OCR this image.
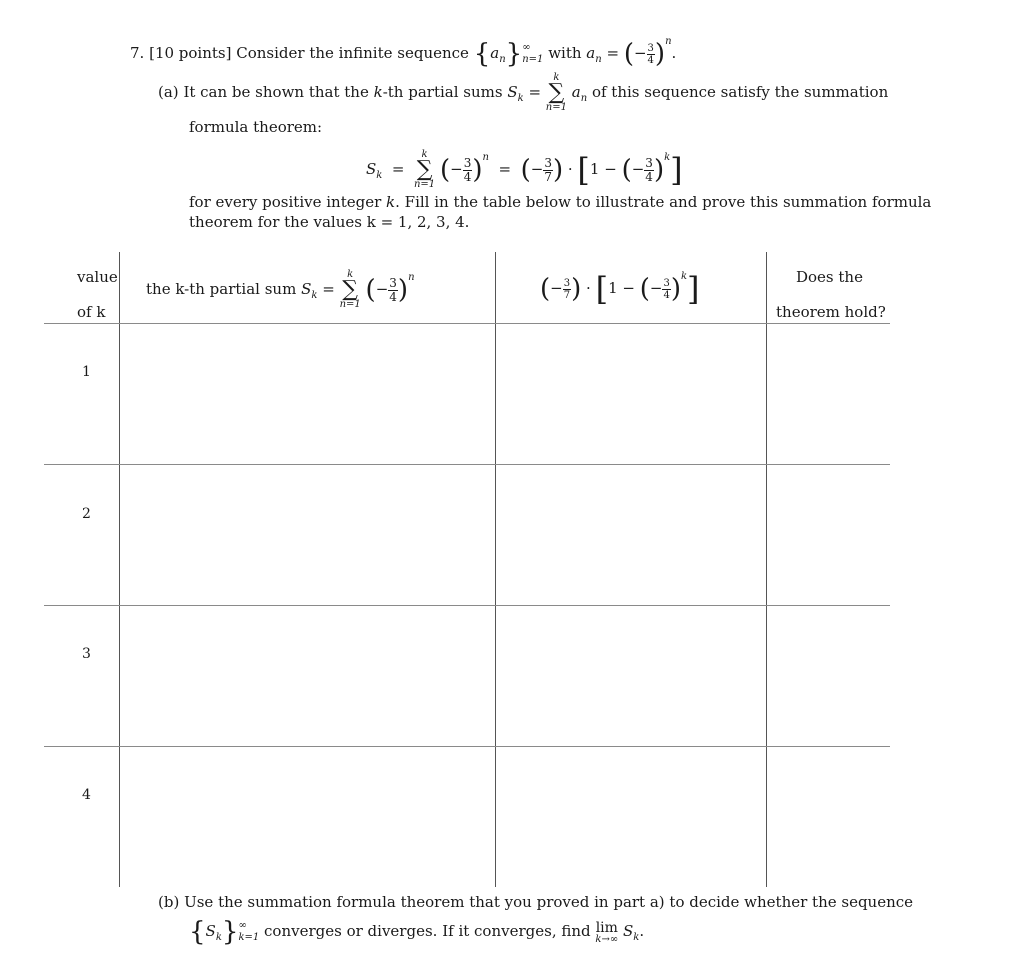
7. [10 points] Consider the infinite sequence $\{a_n\}$ ∞
n=1 with $a_n$ = (− $\frac{3}{4} )^n$.
(a) It can be shown that the k-th partial sums $S_k$ =
k
∑
n=1
$a_n$ of this sequence satisfy the summation
formula theorem:
$S_k$  =
k
∑
n=1 (− $\frac{3}{4} )^n$  =  (− $\frac{3}{7}$ ) · [1 − (− $\frac{3}{4} )^k$]
for every positive integer k. Fill in the table below to illustrate and prove this summation formula
theorem for the values k = 1, 2, 3, 4.
value
of k
the k-th partial sum $S_k$ =
k
∑
n=1 (− $\frac{3}{4} )^n$	(− $\frac{3}{7}$ ) · [1 − (− $\frac{3}{4} )^k$]	Does the
theorem hold?
1
2
3
4
(b) Use the summation formula theorem that you proved in part a) to decide whether the sequence
$\{S_k\}$ ∞
k=1 converges or diverges. If it converges, find lim
k→∞ $S_k$.
